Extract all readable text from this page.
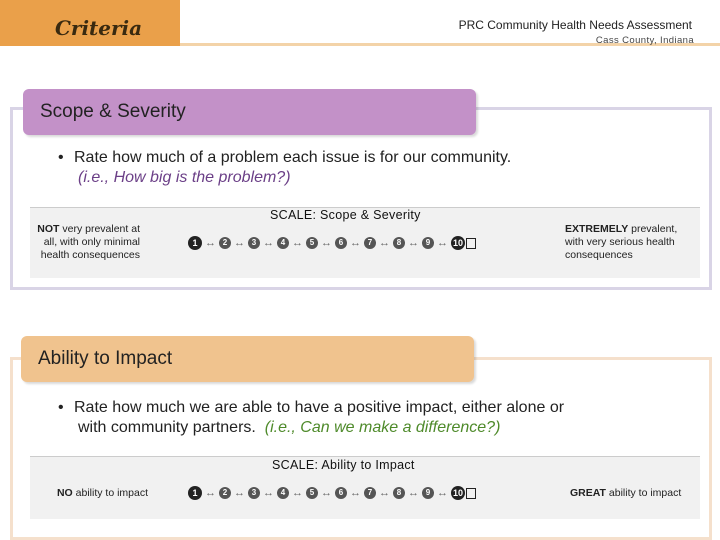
Criteria	PRC Community Health Needs Assessment
Cass County, Indiana
Scope & Severity
• Rate how much of a problem each issue is for our community.
(i.e., How big is the problem?)
SCALE: Scope & Severity
NOT very prevalent at all, with only minimal health consequences
1 ↔ 2 ↔ 3 ↔ 4 ↔ 5 ↔ 6 ↔ 7 ↔ 8 ↔ 9 ↔ 10
EXTREMELY prevalent, with very serious health consequences
Ability to Impact
• Rate how much we are able to have a positive impact, either alone or
with community partners. (i.e., Can we make a difference?)
SCALE: Ability to Impact
NO ability to impact	1 ↔ 2 ↔ 3 ↔ 4 ↔ 5 ↔ 6 ↔ 7 ↔ 8 ↔ 9 ↔ 10	GREAT ability to impact
